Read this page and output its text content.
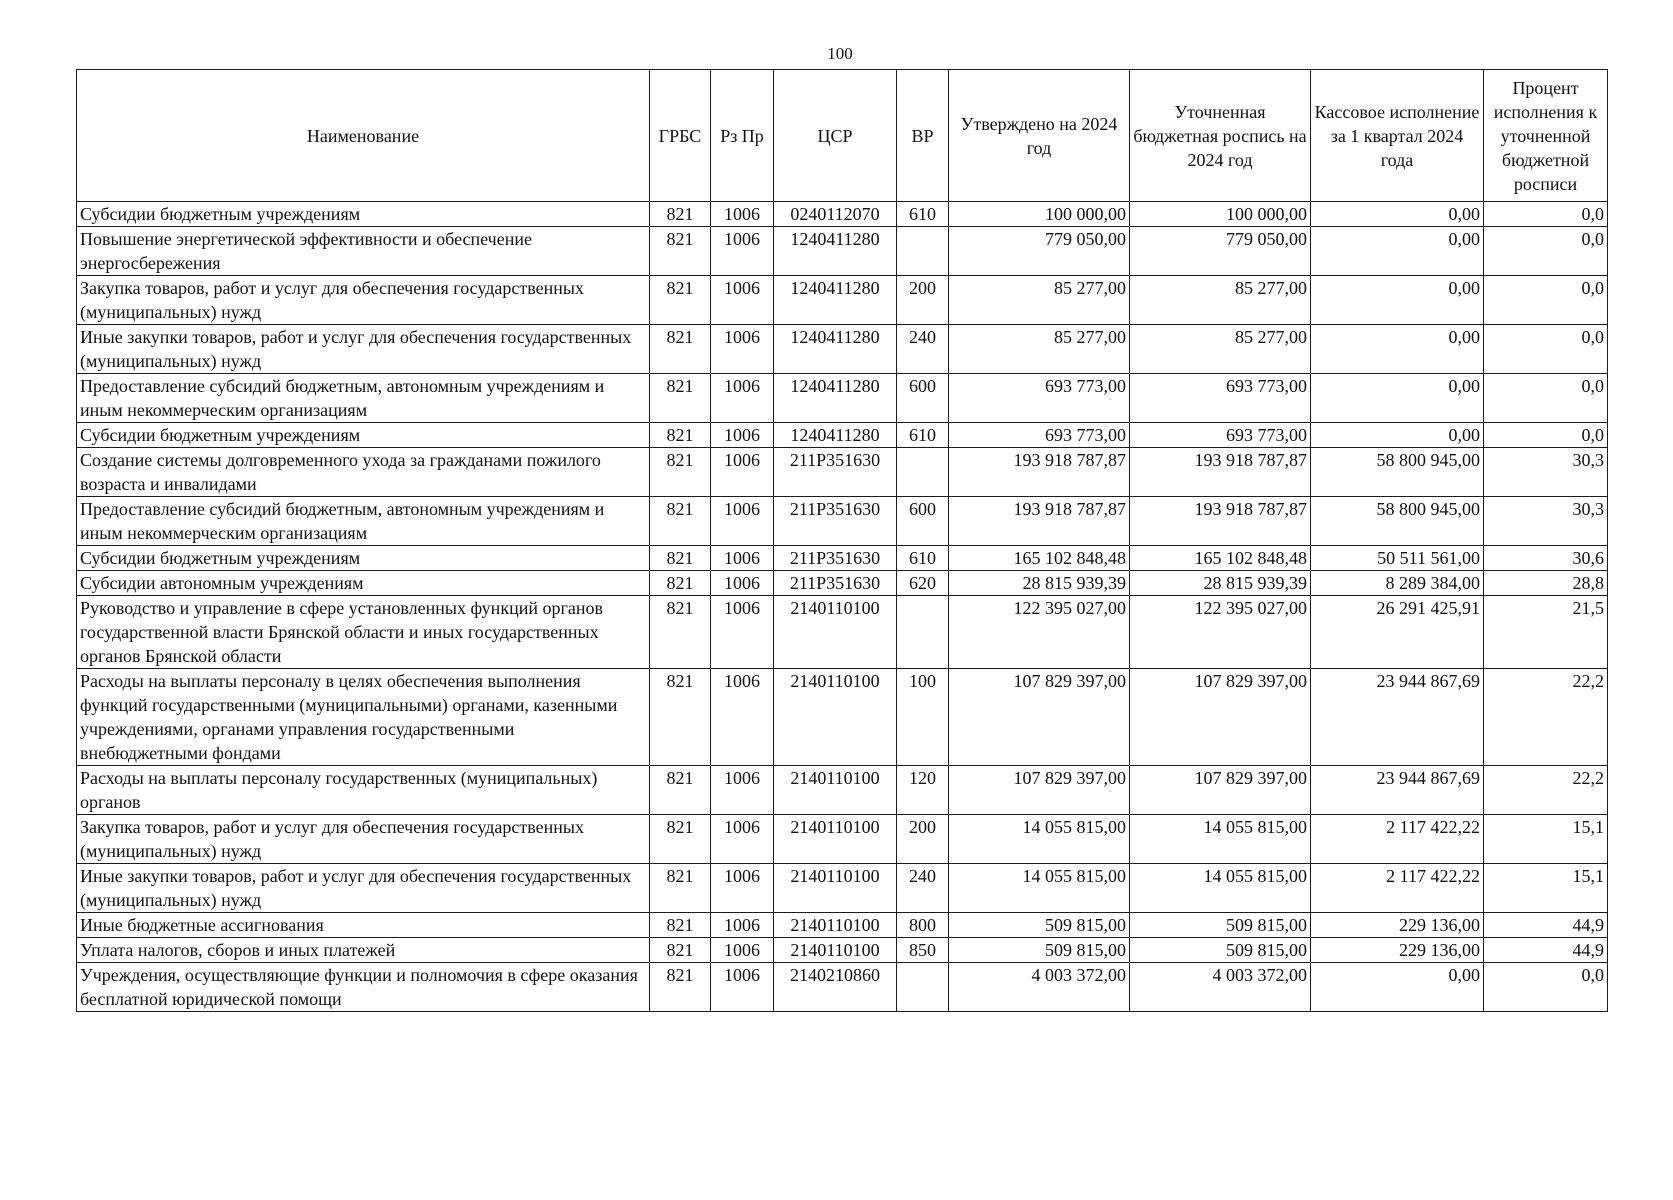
100
Наименование	ГРБС	Рз Пр	ЦСР	ВР	Утверждено на 2024 год	Уточненная бюджетная роспись на 2024 год	Кассовое исполнение за 1 квартал 2024 года	Процент исполнения к уточненной бюджетной росписи
Субсидии бюджетным учреждениям	821	1006	0240112070	610	100 000,00	100 000,00	0,00	0,0
Повышение энергетической эффективности и обеспечение энергосбережения	821	1006	1240411280		779 050,00	779 050,00	0,00	0,0
Закупка товаров, работ и услуг для обеспечения государственных (муниципальных) нужд	821	1006	1240411280	200	85 277,00	85 277,00	0,00	0,0
Иные закупки товаров, работ и услуг для обеспечения государственных (муниципальных) нужд	821	1006	1240411280	240	85 277,00	85 277,00	0,00	0,0
Предоставление субсидий бюджетным, автономным учреждениям и иным некоммерческим организациям	821	1006	1240411280	600	693 773,00	693 773,00	0,00	0,0
Субсидии бюджетным учреждениям	821	1006	1240411280	610	693 773,00	693 773,00	0,00	0,0
Создание системы долговременного ухода за гражданами пожилого возраста и инвалидами	821	1006	211Р351630		193 918 787,87	193 918 787,87	58 800 945,00	30,3
Предоставление субсидий бюджетным, автономным учреждениям и иным некоммерческим организациям	821	1006	211Р351630	600	193 918 787,87	193 918 787,87	58 800 945,00	30,3
Субсидии бюджетным учреждениям	821	1006	211Р351630	610	165 102 848,48	165 102 848,48	50 511 561,00	30,6
Субсидии автономным учреждениям	821	1006	211Р351630	620	28 815 939,39	28 815 939,39	8 289 384,00	28,8
Руководство и управление в сфере установленных функций органов государственной власти Брянской области и иных государственных органов Брянской области	821	1006	2140110100		122 395 027,00	122 395 027,00	26 291 425,91	21,5
Расходы на выплаты персоналу в целях обеспечения выполнения функций государственными (муниципальными) органами, казенными учреждениями, органами управления государственными внебюджетными фондами	821	1006	2140110100	100	107 829 397,00	107 829 397,00	23 944 867,69	22,2
Расходы на выплаты персоналу государственных (муниципальных) органов	821	1006	2140110100	120	107 829 397,00	107 829 397,00	23 944 867,69	22,2
Закупка товаров, работ и услуг для обеспечения государственных (муниципальных) нужд	821	1006	2140110100	200	14 055 815,00	14 055 815,00	2 117 422,22	15,1
Иные закупки товаров, работ и услуг для обеспечения государственных (муниципальных) нужд	821	1006	2140110100	240	14 055 815,00	14 055 815,00	2 117 422,22	15,1
Иные бюджетные ассигнования	821	1006	2140110100	800	509 815,00	509 815,00	229 136,00	44,9
Уплата налогов, сборов и иных платежей	821	1006	2140110100	850	509 815,00	509 815,00	229 136,00	44,9
Учреждения, осуществляющие функции и полномочия в сфере оказания бесплатной юридической помощи	821	1006	2140210860		4 003 372,00	4 003 372,00	0,00	0,0
